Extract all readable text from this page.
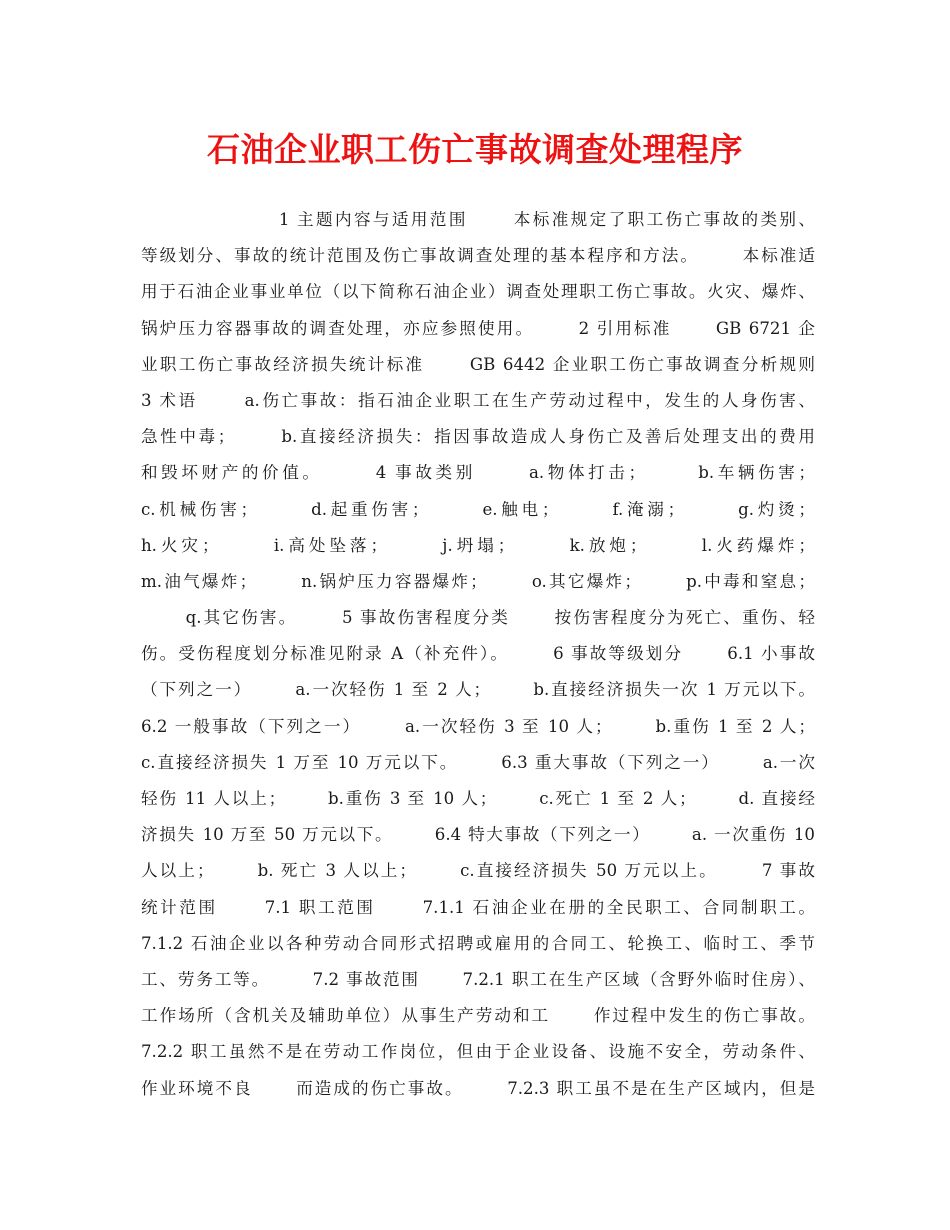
石油企业职工伤亡事故调查处理程序
1 主题内容与适用范围      本标准规定了职工伤亡事故的类别、
等级划分、事故的统计范围及伤亡事故调查处理的基本程序和方法。      本标准适
用于石油企业事业单位（以下简称石油企业）调查处理职工伤亡事故。火灾、爆炸、
锅炉压力容器事故的调查处理，亦应参照使用。      2 引用标准      GB 6721 企
业职工伤亡事故经济损失统计标准      GB 6442 企业职工伤亡事故调查分析规则
3 术语      a.伤亡事故：指石油企业职工在生产劳动过程中，发生的人身伤害、
急性中毒；      b.直接经济损失：指因事故造成人身伤亡及善后处理支出的费用
和毁坏财产的价值。      4 事故类别      a.物体打击；      b.车辆伤害；
c.机械伤害；      d.起重伤害；      e.触电；      f.淹溺；      g.灼烫；
h.火灾；      i.高处坠落；      j.坍塌；      k.放炮；      l.火药爆炸；
m.油气爆炸；      n.锅炉压力容器爆炸；      o.其它爆炸；      p.中毒和窒息；
q.其它伤害。      5 事故伤害程度分类      按伤害程度分为死亡、重伤、轻
伤。受伤程度划分标准见附录 A（补充件）。      6 事故等级划分      6.1 小事故
（下列之一）      a.一次轻伤 1 至 2 人；      b.直接经济损失一次 1 万元以下。
6.2 一般事故（下列之一）      a.一次轻伤 3 至 10 人；      b.重伤 1 至 2 人；
c.直接经济损失 1 万至 10 万元以下。      6.3 重大事故（下列之一）      a.一次
轻伤 11 人以上；      b.重伤 3 至 10 人；      c.死亡 1 至 2 人；      d. 直接经
济损失 10 万至 50 万元以下。      6.4 特大事故（下列之一）      a. 一次重伤 10
人以上；      b. 死亡 3 人以上；      c.直接经济损失 50 万元以上。      7 事故
统计范围      7.1 职工范围      7.1.1 石油企业在册的全民职工、合同制职工。
7.1.2 石油企业以各种劳动合同形式招聘或雇用的合同工、轮换工、临时工、季节
工、劳务工等。      7.2 事故范围      7.2.1 职工在生产区域（含野外临时住房）、
工作场所（含机关及辅助单位）从事生产劳动和工      作过程中发生的伤亡事故。
7.2.2 职工虽然不是在劳动工作岗位，但由于企业设备、设施不安全，劳动条件、
作业环境不良      而造成的伤亡事故。      7.2.3 职工虽不是在生产区域内，但是
